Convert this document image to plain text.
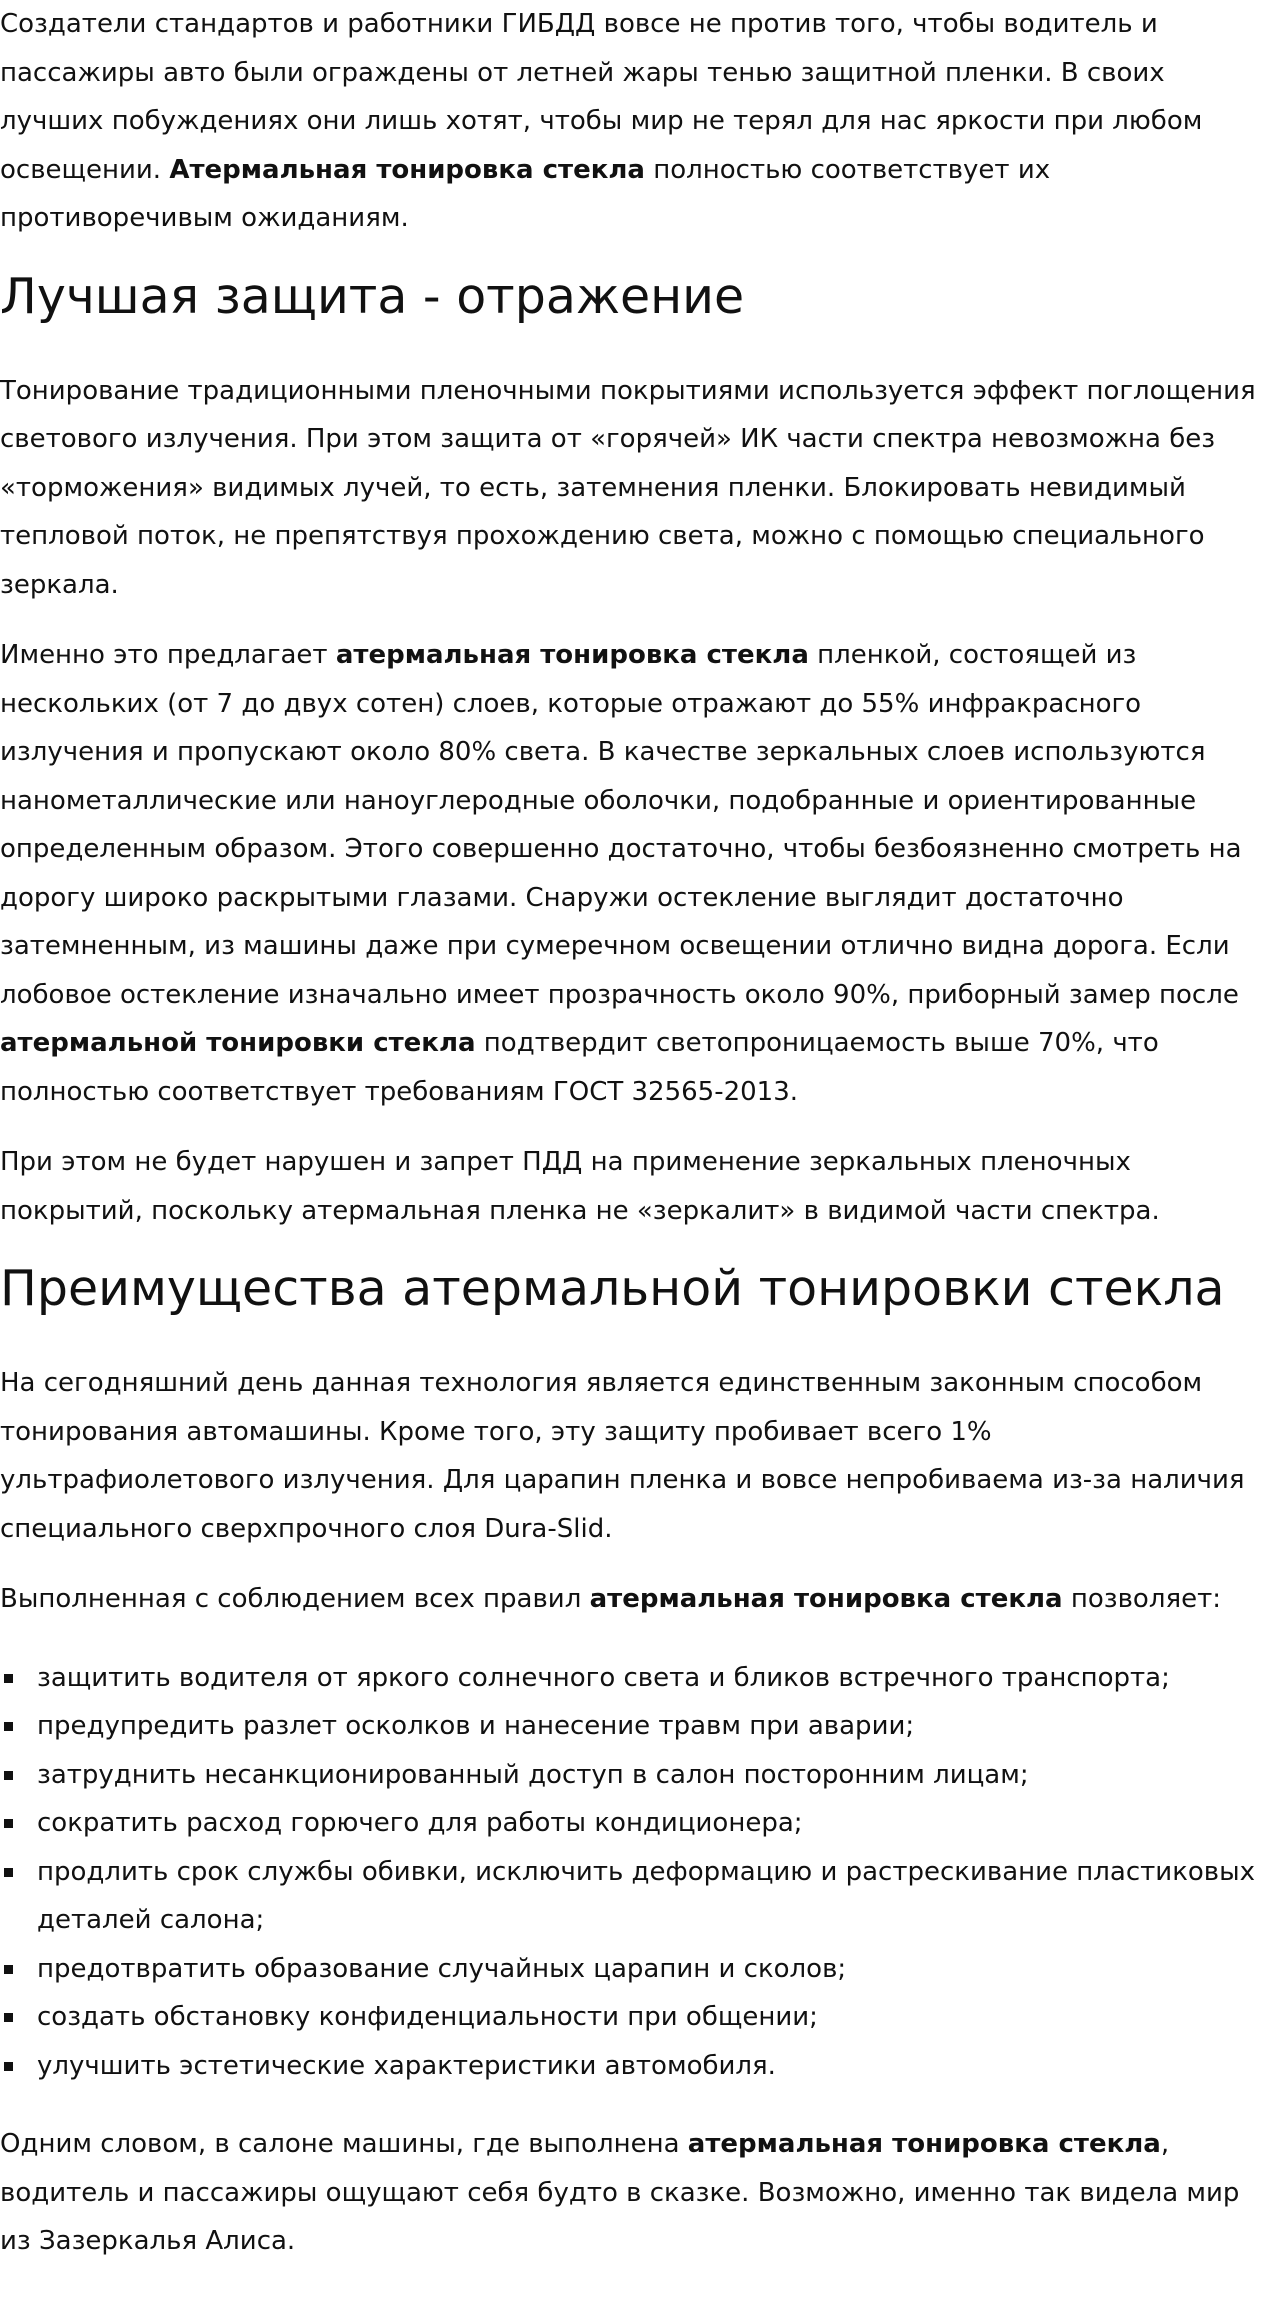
Создатели стандартов и работники ГИБДД вовсе не против того, чтобы водитель и пассажиры авто были ограждены от летней жары тенью защитной пленки. В своих лучших побуждениях они лишь хотят, чтобы мир не терял для нас яркости при любом освещении. Атермальная тонировка стекла полностью соответствует их противоречивым ожиданиям.

Лучшая защита - отражение

Тонирование традиционными пленочными покрытиями используется эффект поглощения светового излучения. При этом защита от «горячей» ИК части спектра невозможна без «торможения» видимых лучей, то есть, затемнения пленки. Блокировать невидимый тепловой поток, не препятствуя прохождению света, можно с помощью специального зеркала.

Именно это предлагает атермальная тонировка стекла пленкой, состоящей из нескольких (от 7 до двух сотен) слоев, которые отражают до 55% инфракрасного излучения и пропускают около 80% света. В качестве зеркальных слоев используются нанометаллические или наноуглеродные оболочки, подобранные и ориентированные определенным образом. Этого совершенно достаточно, чтобы безбоязненно смотреть на дорогу широко раскрытыми глазами. Снаружи остекление выглядит достаточно затемненным, из машины даже при сумеречном освещении отлично видна дорога. Если лобовое остекление изначально имеет прозрачность около 90%, приборный замер после атермальной тонировки стекла подтвердит светопроницаемость выше 70%, что полностью соответствует требованиям ГОСТ 32565-2013.

При этом не будет нарушен и запрет ПДД на применение зеркальных пленочных покрытий, поскольку атермальная пленка не «зеркалит» в видимой части спектра.

Преимущества атермальной тонировки стекла

На сегодняшний день данная технология является единственным законным способом тонирования автомашины. Кроме того, эту защиту пробивает всего 1% ультрафиолетового излучения. Для царапин пленка и вовсе непробиваема из-за наличия специального сверхпрочного слоя Dura-Slid.

Выполненная с соблюдением всех правил атермальная тонировка стекла позволяет:

защитить водителя от яркого солнечного света и бликов встречного транспорта;
предупредить разлет осколков и нанесение травм при аварии;
затруднить несанкционированный доступ в салон посторонним лицам;
сократить расход горючего для работы кондиционера;
продлить срок службы обивки, исключить деформацию и растрескивание пластиковых деталей салона;
предотвратить образование случайных царапин и сколов;
создать обстановку конфиденциальности при общении;
улучшить эстетические характеристики автомобиля.

Одним словом, в салоне машины, где выполнена атермальная тонировка стекла, водитель и пассажиры ощущают себя будто в сказке. Возможно, именно так видела мир из Зазеркалья Алиса.
